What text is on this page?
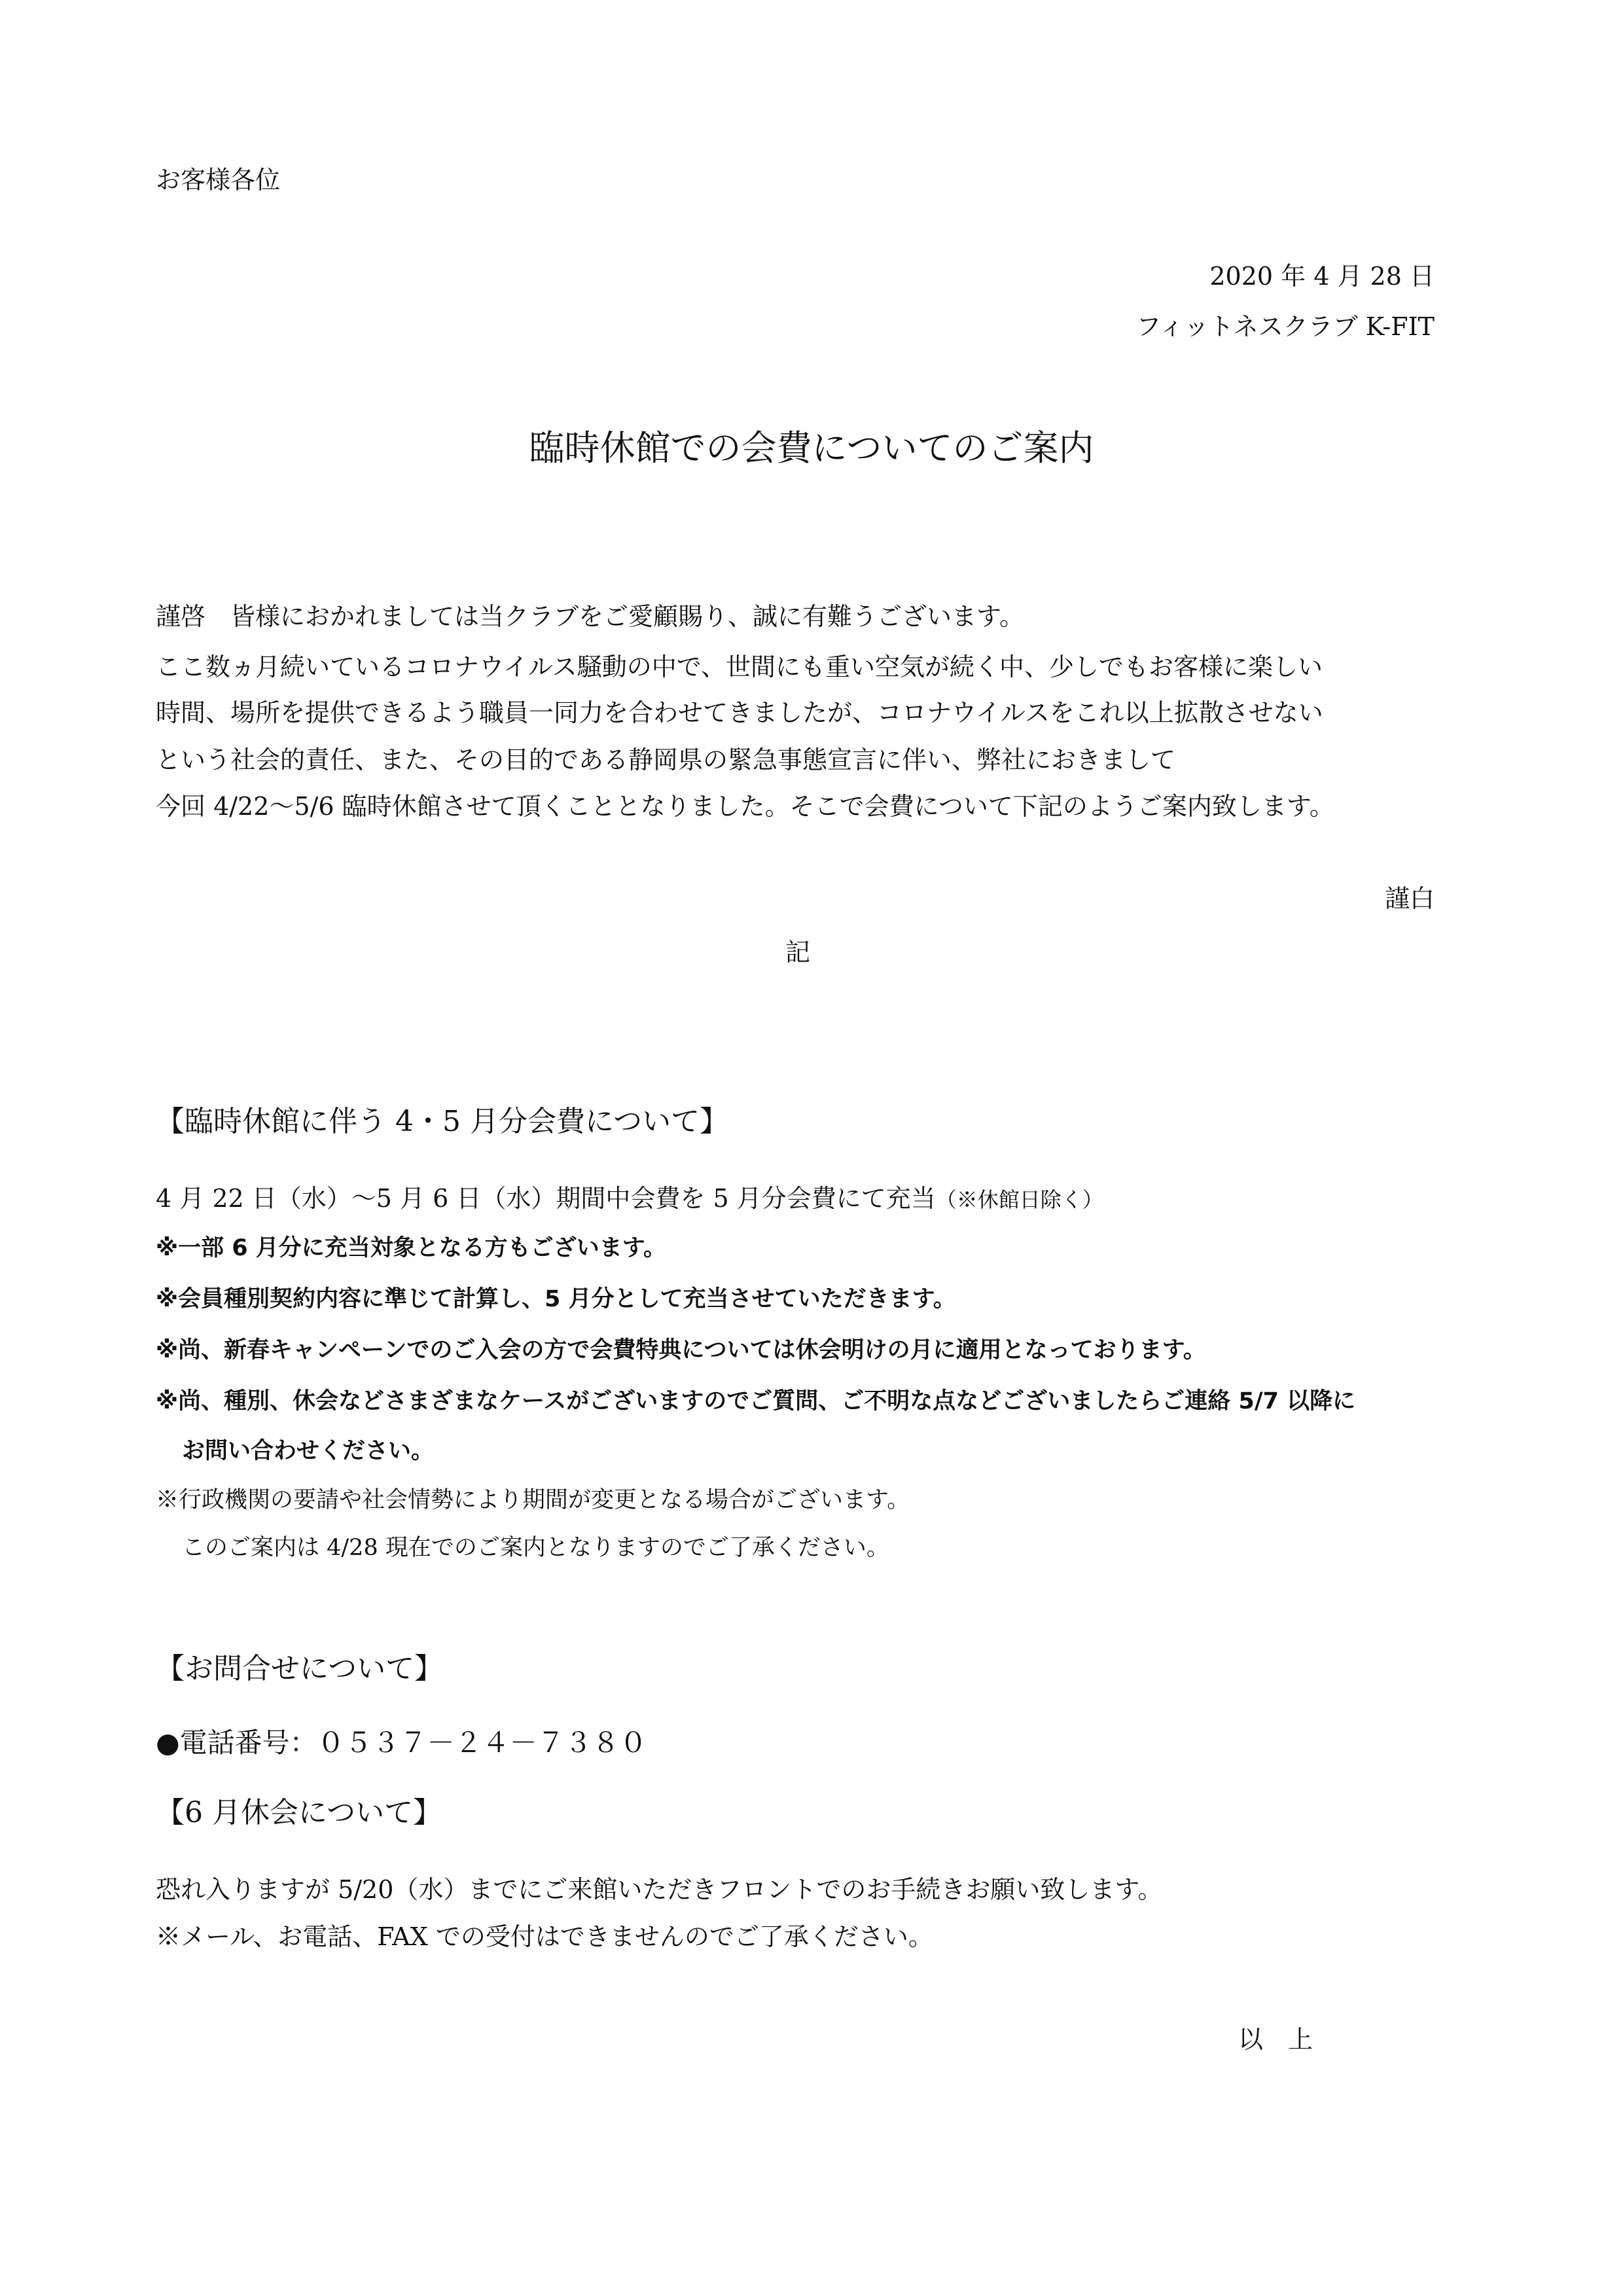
お客様各位
2020 年 4 月 28 日
フィットネスクラブ K-FIT
臨時休館での会費についてのご案内
謹啓　皆様におかれましては当クラブをご愛顧賜り、誠に有難うございます。
ここ数ヵ月続いているコロナウイルス騒動の中で、世間にも重い空気が続く中、少しでもお客様に楽しい
時間、場所を提供できるよう職員一同力を合わせてきましたが、コロナウイルスをこれ以上拡散させない
という社会的責任、また、その目的である静岡県の緊急事態宣言に伴い、弊社におきまして
今回 4/22～5/6 臨時休館させて頂くこととなりました。そこで会費について下記のようご案内致します。
謹白
記
【臨時休館に伴う 4・5 月分会費について】
4 月 22 日（水）～5 月 6 日（水）期間中会費を 5 月分会費にて充当（※休館日除く）
※一部 6 月分に充当対象となる方もございます。
※会員種別契約内容に準じて計算し、5 月分として充当させていただきます。
※尚、新春キャンペーンでのご入会の方で会費特典については休会明けの月に適用となっております。
※尚、種別、休会などさまざまなケースがございますのでご質問、ご不明な点などございましたらご連絡 5/7 以降に
お問い合わせください。
※行政機関の要請や社会情勢により期間が変更となる場合がございます。
このご案内は 4/28 現在でのご案内となりますのでご了承ください。
【お問合せについて】
●電話番号：０５３７－２４－７３８０
【6 月休会について】
恐れ入りますが 5/20（水）までにご来館いただきフロントでのお手続きお願い致します。
※メール、お電話、FAX での受付はできませんのでご了承ください。
以　上
